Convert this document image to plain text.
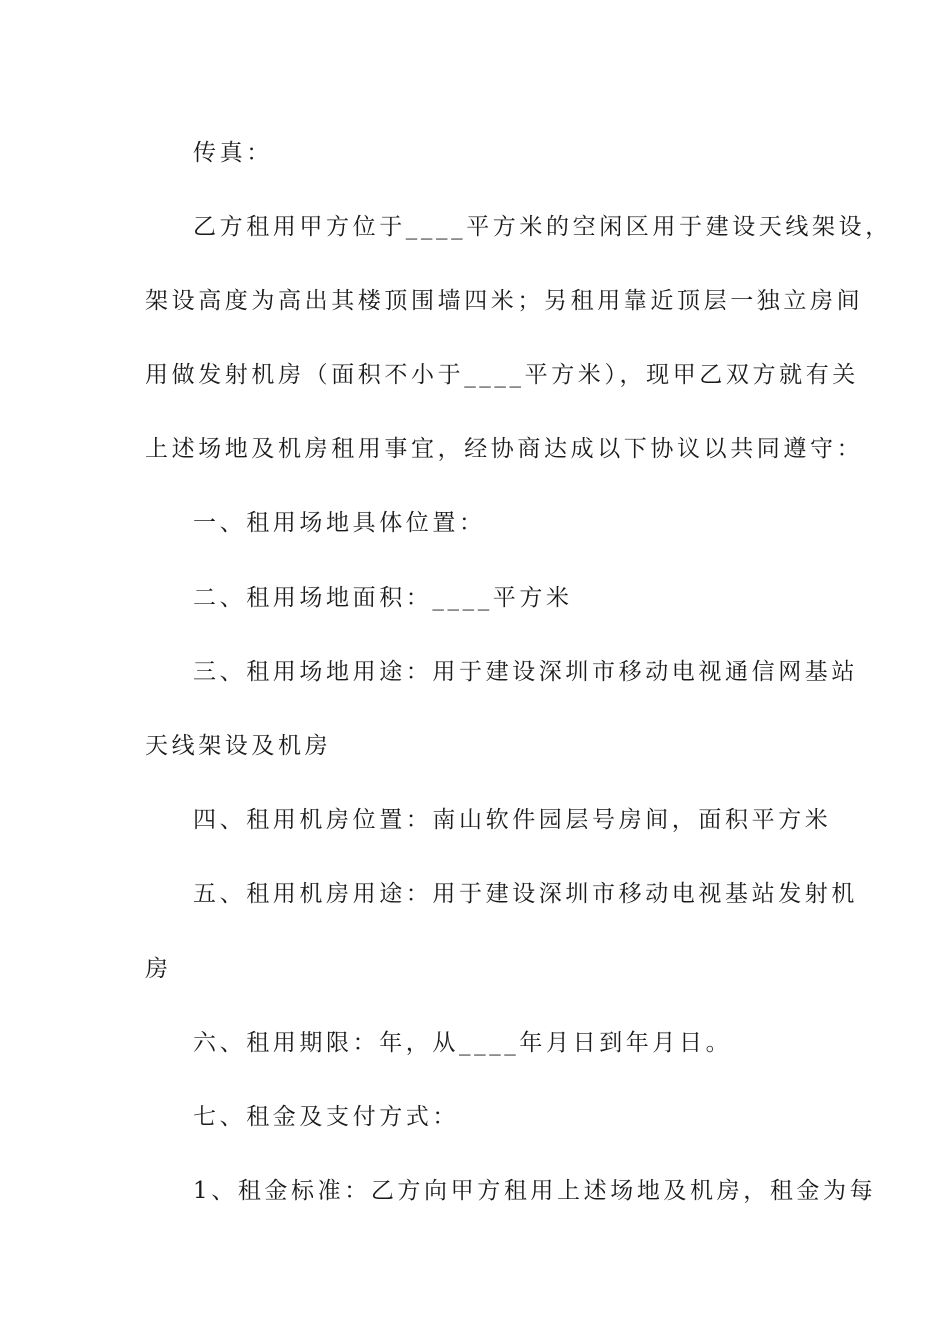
传真：
乙方租用甲方位于____平方米的空闲区用于建设天线架设，
架设高度为高出其楼顶围墙四米；另租用靠近顶层一独立房间
用做发射机房（面积不小于____平方米），现甲乙双方就有关
上述场地及机房租用事宜，经协商达成以下协议以共同遵守：
一、租用场地具体位置：
二、租用场地面积：____平方米
三、租用场地用途：用于建设深圳市移动电视通信网基站
天线架设及机房
四、租用机房位置：南山软件园层号房间，面积平方米
五、租用机房用途：用于建设深圳市移动电视基站发射机
房
六、租用期限：年，从____年月日到年月日。
七、租金及支付方式：
1、租金标准：乙方向甲方租用上述场地及机房，租金为每
